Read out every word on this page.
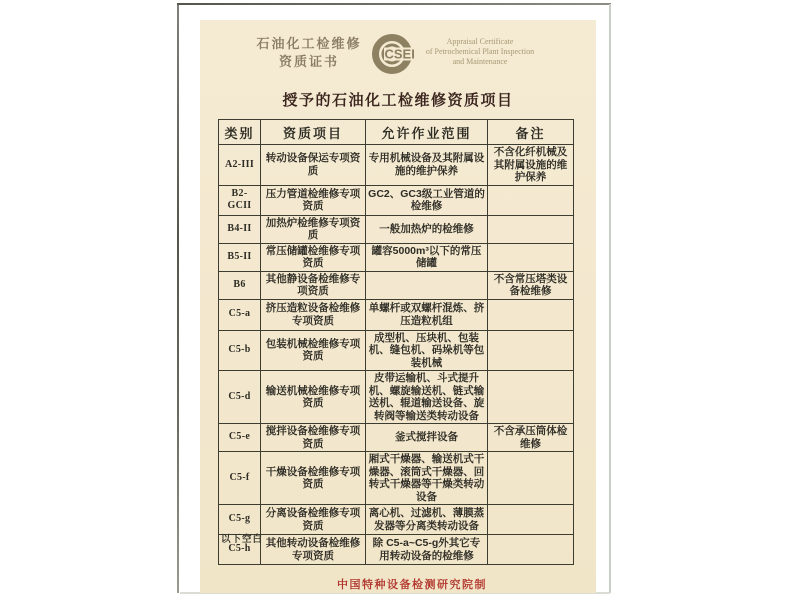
石油化工检维修
资质证书	CSEI
Appraisal Certificate
of Petrochemical Plant Inspection
and Maintenance
授予的石油化工检维修资质项目
类别	资质项目	允许作业范围	备注
A2-III	转动设备保运专项资质	专用机械设备及其附属设施的维护保养	不含化纤机械及其附属设施的维护保养
B2-GCII	压力管道检维修专项资质	GC2、GC3级工业管道的检维修	
B4-II	加热炉检维修专项资质	一般加热炉的检维修	
B5-II	常压储罐检维修专项资质	罐容5000m³以下的常压储罐	
B6	其他静设备检维修专项资质		不含常压塔类设备检维修
C5-a	挤压造粒设备检维修专项资质	单螺杆或双螺杆混炼、挤压造粒机组	
C5-b	包装机械检维修专项资质	成型机、压块机、包装机、缝包机、码垛机等包装机械	
C5-d	输送机械检维修专项资质	皮带运输机、斗式提升机、螺旋输送机、链式输送机、辊道输送设备、旋转阀等输送类转动设备	
C5-e	搅拌设备检维修专项资质	釜式搅拌设备	不含承压筒体检维修
C5-f	干燥设备检维修专项资质	厢式干燥器、输送机式干燥器、滚筒式干燥器、回转式干燥器等干燥类转动设备	
C5-g	分离设备检维修专项资质	离心机、过滤机、薄膜蒸发器等分离类转动设备	
C5-h	其他转动设备检维修专项资质	除 C5-a~C5-g外其它专用转动设备的检维修	
以下空白
中国特种设备检测研究院制
